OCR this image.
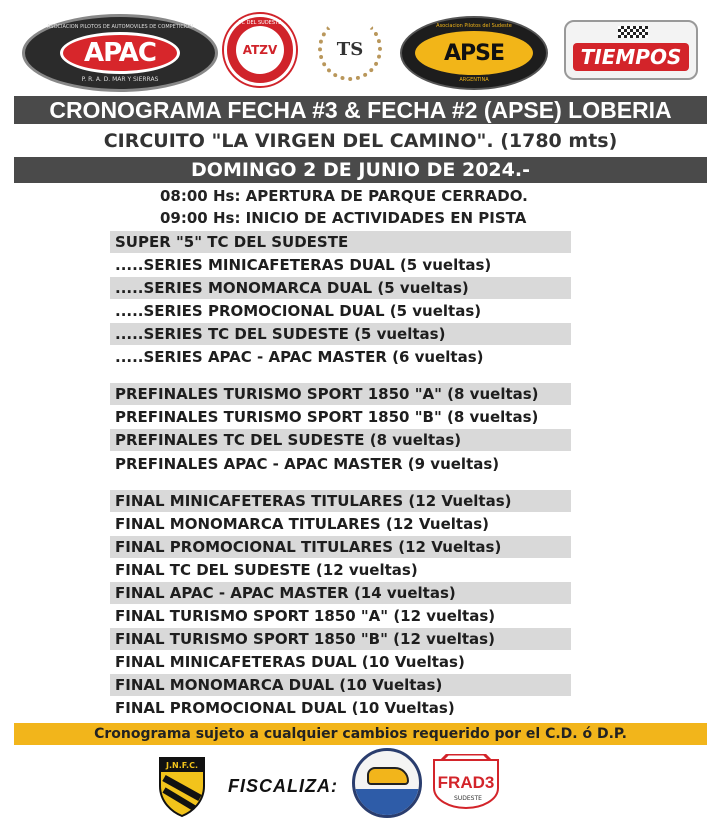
ASOCIACION PILOTOS DE AUTOMOVILES DE COMPETICION
APAC
P. R. A. D. MAR Y SIERRAS
TC DEL SUDESTE
ATZV	TS
Asociacion Pilotos del Sudeste
APSE
ARGENTINA
TIEMPOS
CRONOGRAMA FECHA #3 & FECHA #2 (APSE) LOBERIA
CIRCUITO "LA VIRGEN DEL CAMINO". (1780 mts)
DOMINGO 2 DE JUNIO DE 2024.-
08:00 Hs: APERTURA DE PARQUE CERRADO.
09:00 Hs: INICIO DE ACTIVIDADES EN PISTA
SUPER "5" TC DEL SUDESTE
.....SERIES MINICAFETERAS DUAL (5 vueltas)
.....SERIES MONOMARCA DUAL (5 vueltas)
.....SERIES PROMOCIONAL DUAL (5 vueltas)
.....SERIES TC DEL SUDESTE (5 vueltas)
.....SERIES APAC - APAC MASTER (6 vueltas)
PREFINALES TURISMO SPORT 1850 "A" (8 vueltas)
PREFINALES TURISMO SPORT 1850 "B" (8 vueltas)
PREFINALES TC DEL SUDESTE (8 vueltas)
PREFINALES APAC - APAC MASTER (9 vueltas)
FINAL MINICAFETERAS TITULARES (12 Vueltas)
FINAL MONOMARCA TITULARES (12 Vueltas)
FINAL PROMOCIONAL TITULARES (12 Vueltas)
FINAL TC DEL SUDESTE (12 vueltas)
FINAL APAC - APAC MASTER (14 vueltas)
FINAL TURISMO SPORT 1850 "A" (12 vueltas)
FINAL TURISMO SPORT 1850 "B" (12 vueltas)
FINAL MINICAFETERAS DUAL (10 Vueltas)
FINAL MONOMARCA DUAL (10 Vueltas)
FINAL PROMOCIONAL DUAL (10 Vueltas)
Cronograma sujeto a cualquier cambios requerido por el C.D. ó D.P.
J.N.F.C.
FISCALIZA:	FRAD3
SUDESTE
